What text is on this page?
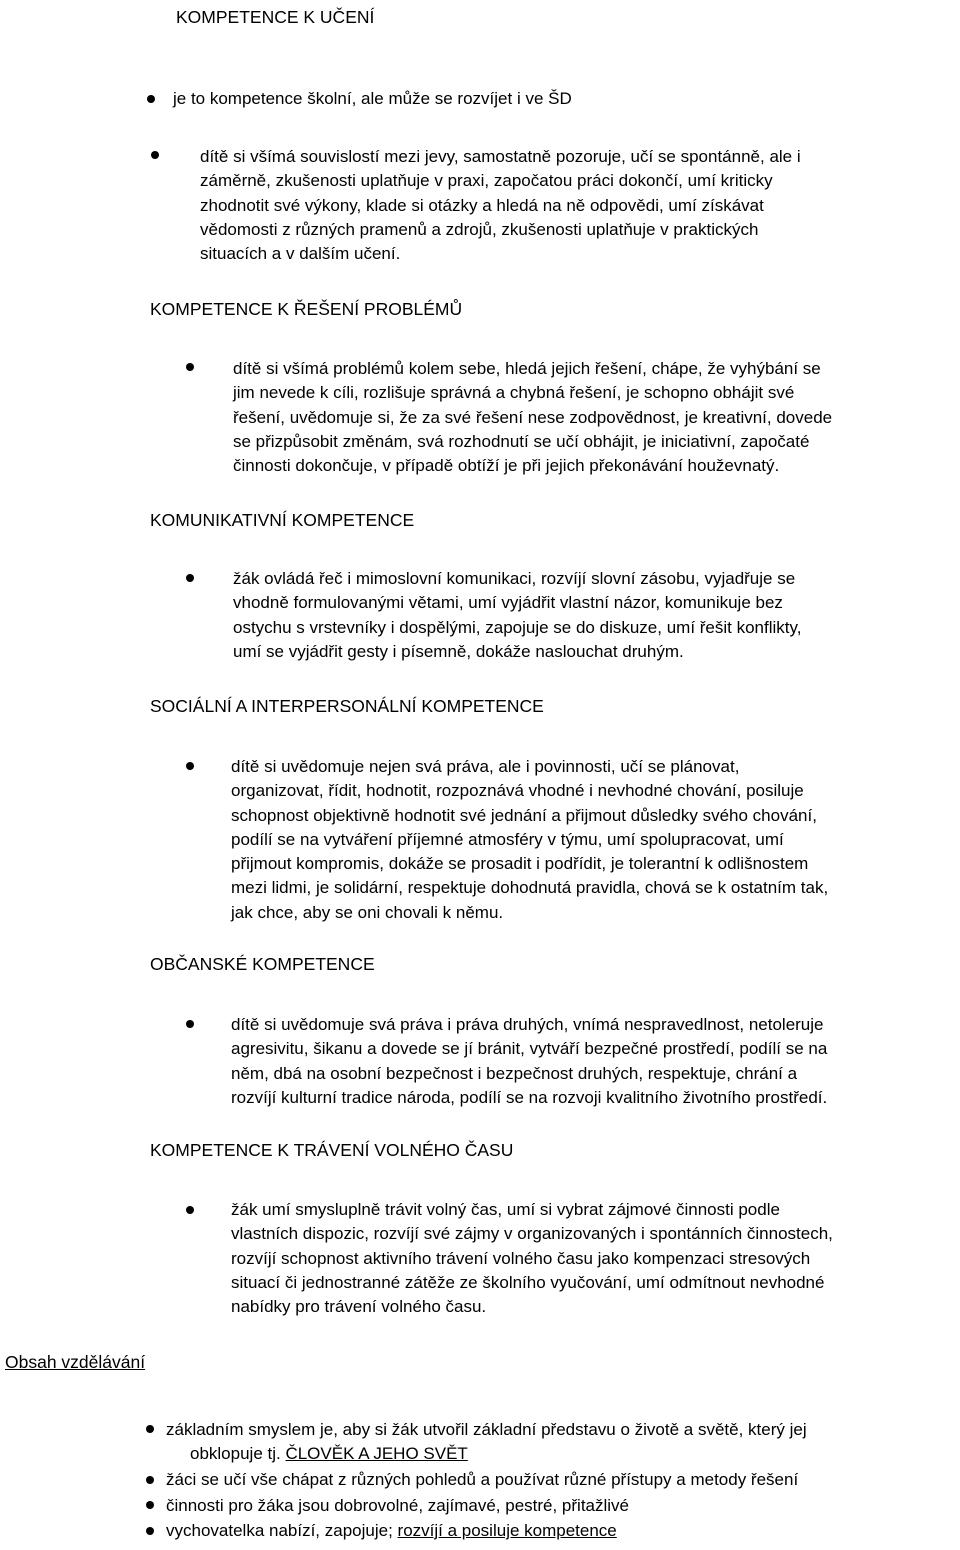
KOMPETENCE K UČENÍ
je to kompetence školní, ale může se rozvíjet i ve ŠD
dítě si všímá souvislostí mezi jevy, samostatně pozoruje, učí se spontánně, ale i
záměrně, zkušenosti uplatňuje v praxi, započatou práci dokončí, umí kriticky
zhodnotit své výkony, klade si otázky a hledá na ně odpovědi, umí získávat
vědomosti z různých pramenů a zdrojů, zkušenosti uplatňuje v praktických
situacích a v dalším učení.
KOMPETENCE K ŘEŠENÍ PROBLÉMŮ
dítě si všímá problémů kolem sebe, hledá jejich řešení, chápe, že vyhýbání se
jim nevede k cíli, rozlišuje správná a chybná řešení, je schopno obhájit své
řešení, uvědomuje si, že za své řešení nese zodpovědnost, je kreativní, dovede
se přizpůsobit změnám, svá rozhodnutí se učí obhájit, je iniciativní, započaté
činnosti dokončuje, v případě obtíží je při jejich překonávání houževnatý.
KOMUNIKATIVNÍ KOMPETENCE
žák ovládá řeč i mimoslovní komunikaci, rozvíjí slovní zásobu, vyjadřuje se
vhodně formulovanými větami, umí vyjádřit vlastní názor, komunikuje bez
ostychu s vrstevníky i dospělými, zapojuje se do diskuze, umí řešit konflikty,
umí se vyjádřit gesty i písemně, dokáže naslouchat druhým.
SOCIÁLNÍ A INTERPERSONÁLNÍ KOMPETENCE
dítě si uvědomuje nejen svá práva, ale i povinnosti, učí se plánovat,
organizovat, řídit, hodnotit, rozpoznává vhodné i nevhodné chování, posiluje
schopnost objektivně hodnotit své jednání a přijmout důsledky svého chování,
podílí se na vytváření příjemné atmosféry v týmu, umí spolupracovat, umí
přijmout kompromis, dokáže se prosadit i podřídit, je tolerantní k odlišnostem
mezi lidmi, je solidární, respektuje dohodnutá pravidla, chová se k ostatním tak,
jak chce, aby se oni chovali k němu.
OBČANSKÉ KOMPETENCE
dítě si uvědomuje svá práva i práva druhých, vnímá nespravedlnost, netoleruje
agresivitu, šikanu a dovede se jí bránit, vytváří bezpečné prostředí, podílí se na
něm, dbá na osobní bezpečnost i bezpečnost druhých, respektuje, chrání a
rozvíjí kulturní tradice národa, podílí se na rozvoji kvalitního životního prostředí.
KOMPETENCE K TRÁVENÍ VOLNÉHO ČASU
žák umí smysluplně trávit volný čas, umí si vybrat zájmové činnosti podle
vlastních dispozic, rozvíjí své zájmy v organizovaných i spontánních činnostech,
rozvíjí schopnost aktivního trávení volného času jako kompenzaci stresových
situací či jednostranné zátěže ze školního vyučování, umí odmítnout nevhodné
nabídky pro trávení volného času.
Obsah vzdělávání
základním smyslem je, aby si žák utvořil základní představu o životě a světě, který jej
obklopuje tj. ČLOVĚK A JEHO SVĚT
žáci se učí vše chápat z různých pohledů a používat různé přístupy a metody řešení
činnosti pro žáka jsou dobrovolné, zajímavé, pestré, přitažlivé
vychovatelka nabízí, zapojuje; rozvíjí a posiluje kompetence
